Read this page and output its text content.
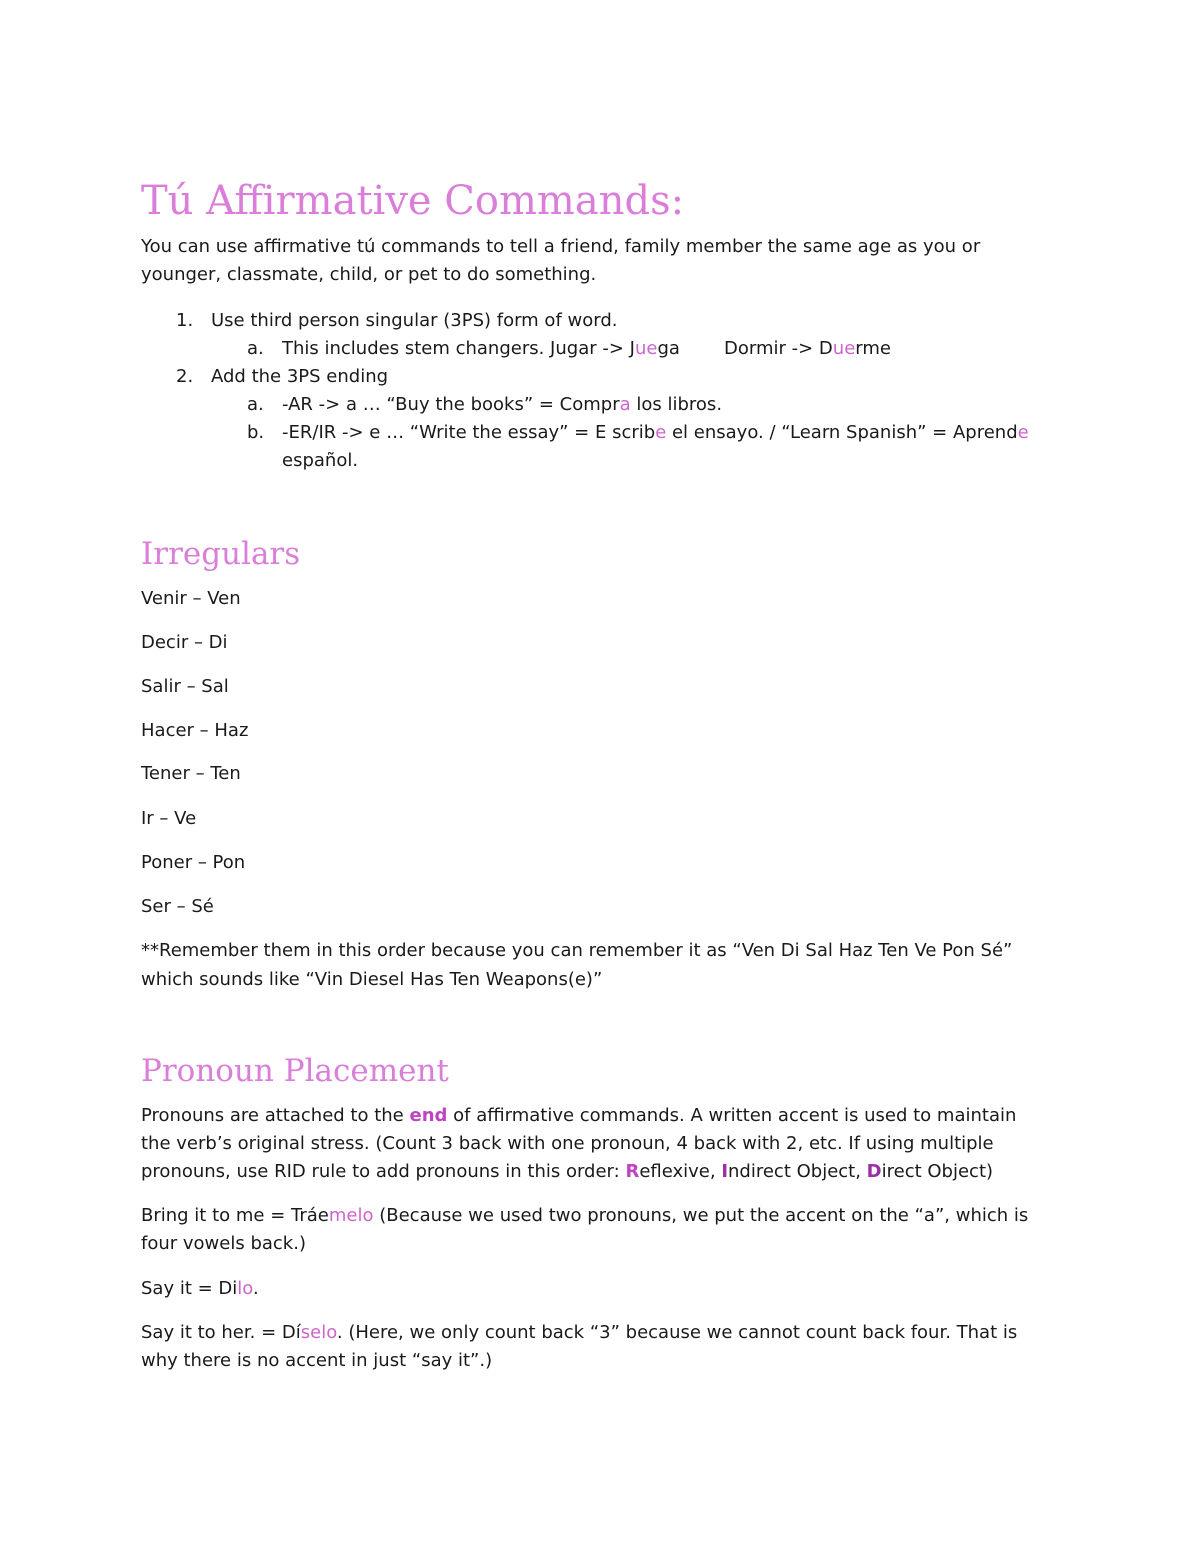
Tú Affirmative Commands:
You can use affirmative tú commands to tell a friend, family member the same age as you or
younger, classmate, child, or pet to do something.
1. Use third person singular (3PS) form of word.
a. This includes stem changers. Jugar -> Juega Dormir -> Duerme
2. Add the 3PS ending
a. -AR -> a … “Buy the books” = Compra los libros.
b. -ER/IR -> e … “Write the essay” = E scribe el ensayo. / “Learn Spanish” = Aprende
español.
Irregulars
Venir – Ven
Decir – Di
Salir – Sal
Hacer – Haz
Tener – Ten
Ir – Ve
Poner – Pon
Ser – Sé
**Remember them in this order because you can remember it as “Ven Di Sal Haz Ten Ve Pon Sé”
which sounds like “Vin Diesel Has Ten Weapons(e)”
Pronoun Placement
Pronouns are attached to the end of affirmative commands. A written accent is used to maintain
the verb’s original stress. (Count 3 back with one pronoun, 4 back with 2, etc. If using multiple
pronouns, use RID rule to add pronouns in this order: Reflexive, Indirect Object, Direct Object)
Bring it to me = Tráemelo (Because we used two pronouns, we put the accent on the “a”, which is
four vowels back.)
Say it = Dilo.
Say it to her. = Díselo. (Here, we only count back “3” because we cannot count back four. That is
why there is no accent in just “say it”.)
